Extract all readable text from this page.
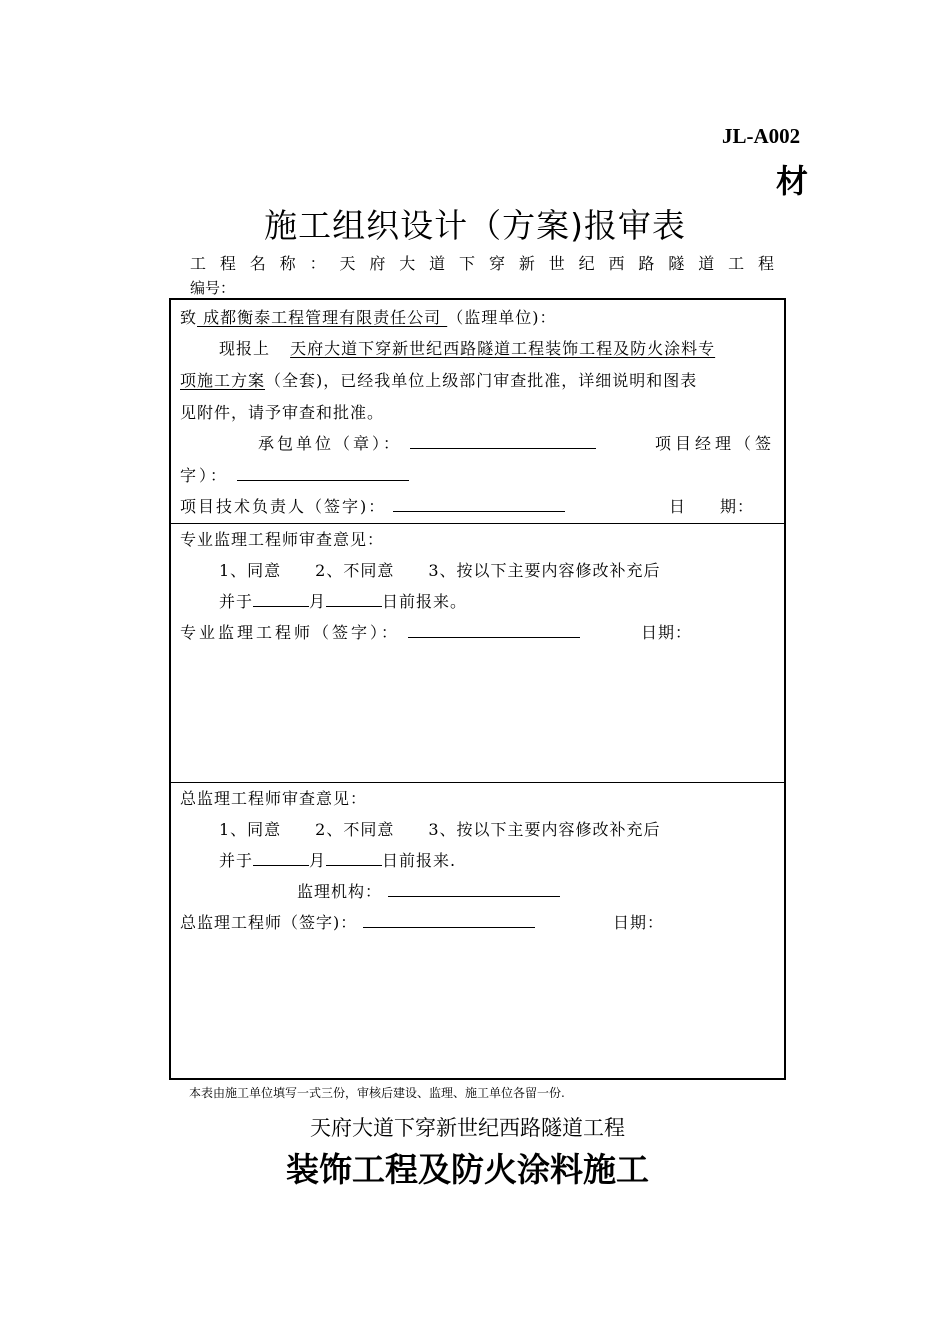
JL-A002
材
施工组织设计（方案)报审表
工程名称：天府大道下穿新世纪西路隧道工程
编号：
致 成都衡泰工程管理有限责任公司 （监理单位)：
现报上 天府大道下穿新世纪西路隧道工程装饰工程及防火涂料专
项施工方案（全套)，已经我单位上级部门审查批准，详细说明和图表
见附件，请予审查和批准。
承包单位（章）：	项目经理（签
字）：
项目技术负责人（签字)：	日　　期：
专业监理工程师审查意见：
1、同意　　2、不同意　　3、按以下主要内容修改补充后
并于	月	日前报来。
专业监理工程师（签字）：	日期：
总监理工程师审查意见：
1、同意　　2、不同意　　3、按以下主要内容修改补充后
并于	月	日前报来.
监理机构：
总监理工程师（签字)：	日期：
本表由施工单位填写一式三份，审核后建设、监理、施工单位各留一份.
天府大道下穿新世纪西路隧道工程
装饰工程及防火涂料施工
